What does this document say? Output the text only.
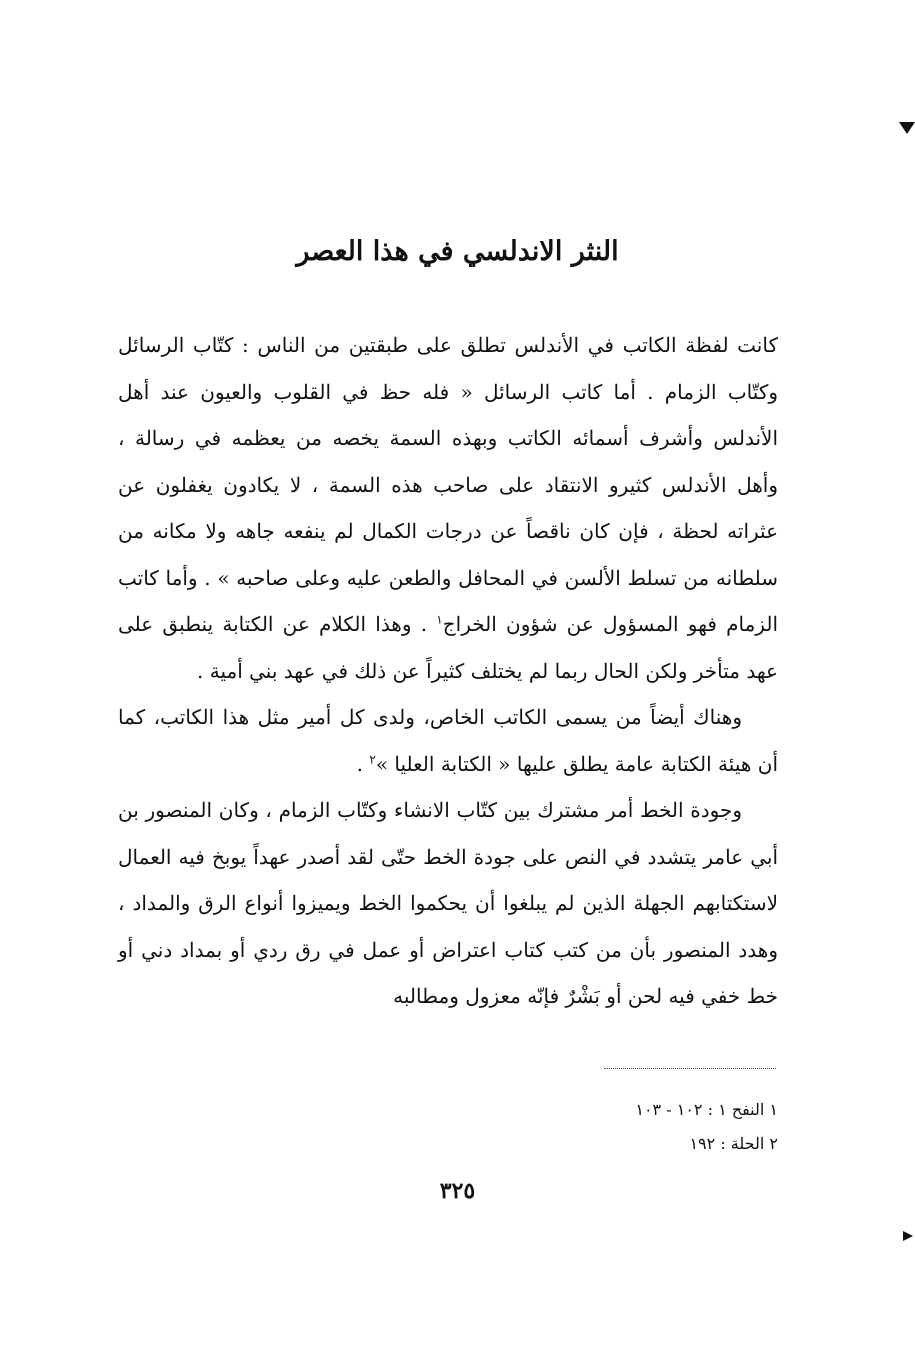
النثر الاندلسي في هذا العصر

كانت لفظة الكاتب في الأندلس تطلق على طبقتين من الناس : كتّاب الرسائل وكتّاب الزمام . أما كاتب الرسائل « فله حظ في القلوب والعيون عند أهل الأندلس وأشرف أسمائه الكاتب وبهذه السمة يخصه من يعظمه في رسالة ، وأهل الأندلس كثيرو الانتقاد على صاحب هذه السمة ، لا يكادون يغفلون عن عثراته لحظة ، فإن كان ناقصاً عن درجات الكمال لم ينفعه جاهه ولا مكانه من سلطانه من تسلط الألسن في المحافل والطعن عليه وعلى صاحبه » . وأما كاتب الزمام فهو المسؤول عن شؤون الخراج$^١$ . وهذا الكلام عن الكتابة ينطبق على عهد متأخر ولكن الحال ربما لم يختلف كثيراً عن ذلك في عهد بني أمية .

وهناك أيضاً من يسمى الكاتب الخاص، ولدى كل أمير مثل هذا الكاتب، كما أن هيئة الكتابة عامة يطلق عليها « الكتابة العليا »$^٢$ .

وجودة الخط أمر مشترك بين كتّاب الانشاء وكتّاب الزمام ، وكان المنصور بن أبي عامر يتشدد في النص على جودة الخط حتّى لقد أصدر عهداً يوبخ فيه العمال لاستكتابهم الجهلة الذين لم يبلغوا أن يحكموا الخط ويميزوا أنواع الرق والمداد ، وهدد المنصور بأن من كتب كتاب اعتراض أو عمل في رق ردي أو بمداد دني أو خط خفي فيه لحن أو بَشْرٌ فإنّه معزول ومطالبه

١ النفح ١ : ١٠٢ - ١٠٣
٢ الحلة : ١٩٢
٣٢٥
